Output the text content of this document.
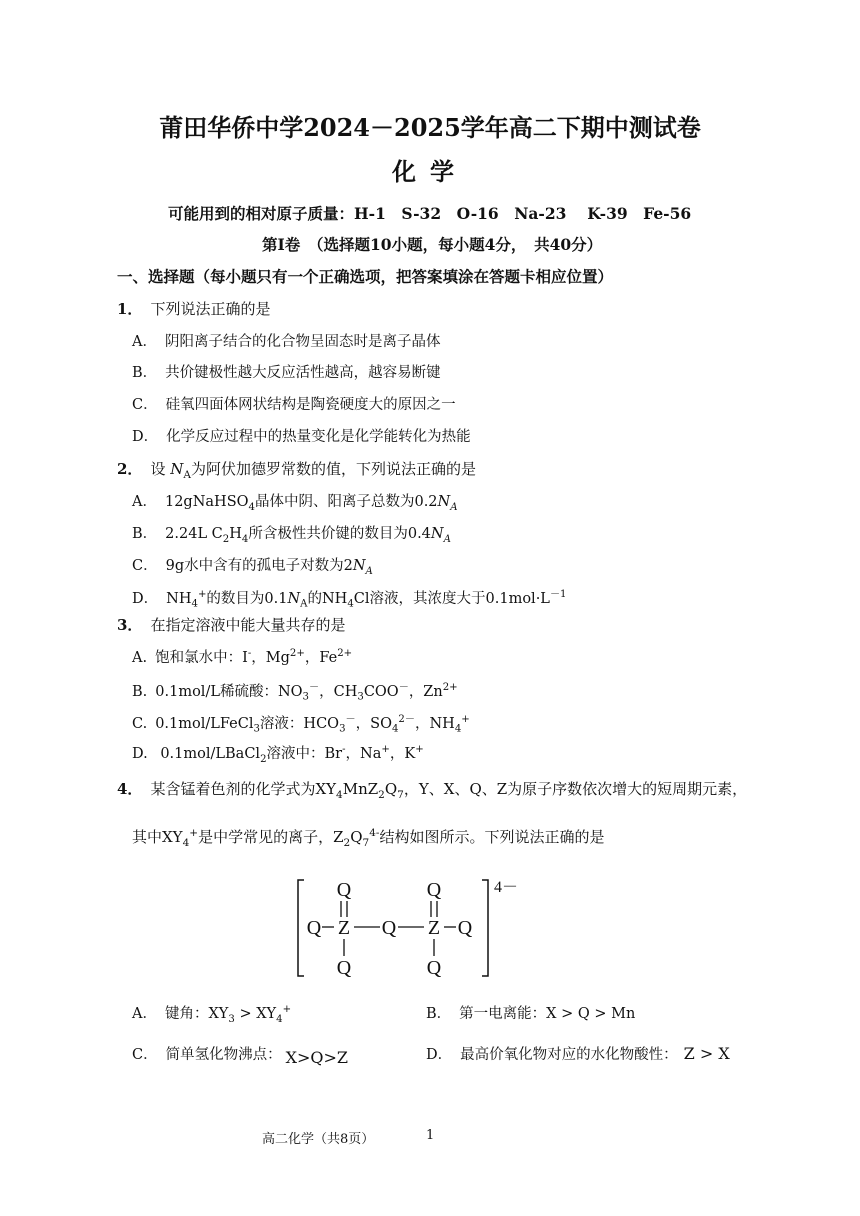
莆田华侨中学2024－2025学年高二下期中测试卷
化学
可能用到的相对原子质量：H-1　S-32　O-16　Na-23　 K-39　Fe-56
第Ⅰ卷　（选择题10小题，每小题4分，　共40分）
一、选择题（每小题只有一个正确选项，把答案填涂在答题卡相应位置）
1． 下列说法正确的是
A． 阴阳离子结合的化合物呈固态时是离子晶体
B． 共价键极性越大反应活性越高，越容易断键
C． 硅氧四面体网状结构是陶瓷硬度大的原因之一
D． 化学反应过程中的热量变化是化学能转化为热能
2． 设 $N_A$为阿伏加德罗常数的值，下列说法正确的是
A． 12gNaHSO$_4$晶体中阴、阳离子总数为$0.2N_A$
B． 2.24L $C_2H_4$所含极性共价键的数目为$0.4N_A$
C． 9g水中含有的孤电子对数为$2N_A$
D． $NH_4^+$的数目为$0.1N_A$的$NH_4Cl$溶液，其浓度大于$0.1mol\cdot L^{-1}$
3． 在指定溶液中能大量共存的是
A. 饱和氯水中：I-，$Mg^{2+}$，$Fe^{2+}$
B. 0.1mol/L稀硫酸：$NO_3^-$，$CH_3COO^-$，$Zn^{2+}$
C. 0.1mol/LFeCl$_3$溶液：$HCO_3^-$，$SO_4^{2-}$，$NH_4^+$
D. 0.1mol/LBaCl$_2$溶液中：Br-，Na+，K+
4． 某含锰着色剂的化学式为$XY_4MnZ_2Q_7$，Y、X、Q、Z为原子序数依次增大的短周期元素，
其中$XY_4^+$是中学常见的离子，$Z_2Q_7^{4-}$结构如图所示。下列说法正确的是
Q	Q
Q Z Q Z Q
Q	Q
4－
A． 键角：$XY_3 > XY_4^+$	B． 第一电离能：X > Q > Mn
C． 简单氢化物沸点： X>Q>Z	D． 最高价氧化物对应的水化物酸性： Z > X
高二化学（共8页）	1
